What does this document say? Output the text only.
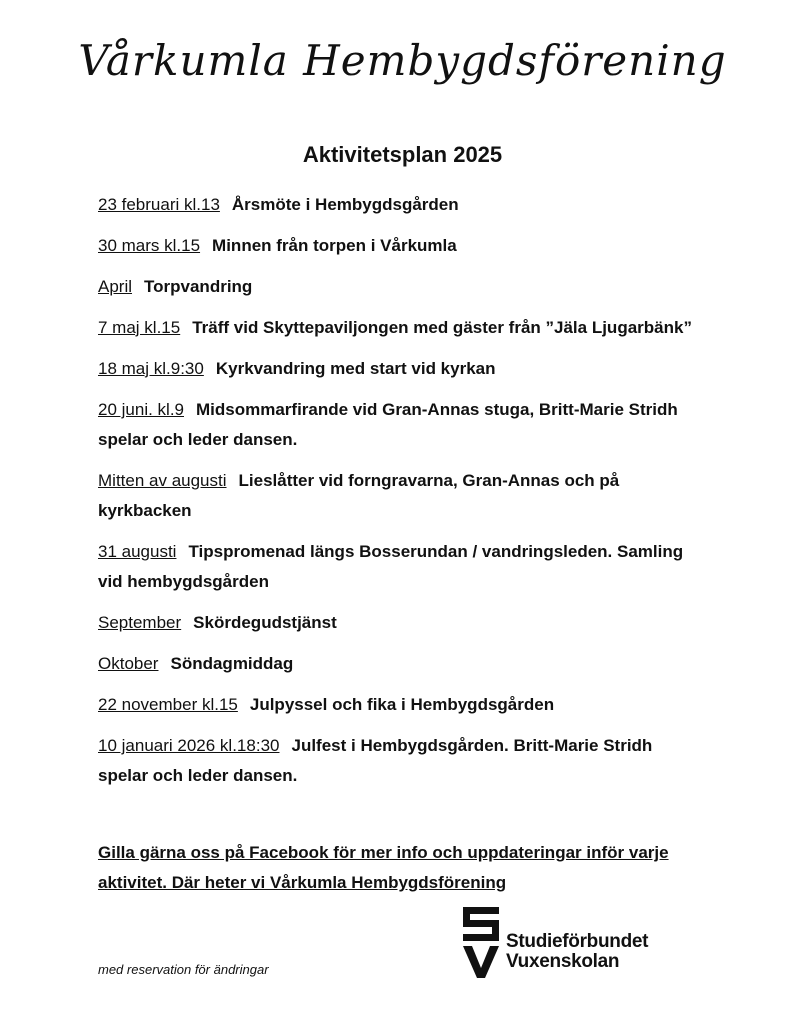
Vårkumla Hembygdsförening
Aktivitetsplan 2025
23 februari kl.13 Årsmöte i Hembygdsgården
30 mars kl.15 Minnen från torpen i Vårkumla
April Torpvandring
7 maj kl.15 Träff vid Skyttepaviljongen med gäster från ”Jäla Ljugarbänk”
18 maj kl.9:30 Kyrkvandring med start vid kyrkan
20 juni. kl.9 Midsommarfirande vid Gran-Annas stuga, Britt-Marie Stridh spelar och leder dansen.
Mitten av augusti Lieslåtter vid forngravarna, Gran-Annas och på kyrkbacken
31 augusti Tipspromenad längs Bosserundan / vandringsleden. Samling vid hembygdsgården
September Skördegudstjänst
Oktober Söndagmiddag
22 november kl.15 Julpyssel och fika i Hembygdsgården
10 januari 2026 kl.18:30 Julfest i Hembygdsgården. Britt-Marie Stridh spelar och leder dansen.
Gilla gärna oss på Facebook för mer info och uppdateringar inför varje aktivitet. Där heter vi Vårkumla Hembygdsförening
med reservation för ändringar
Studieförbundet
Vuxenskolan
